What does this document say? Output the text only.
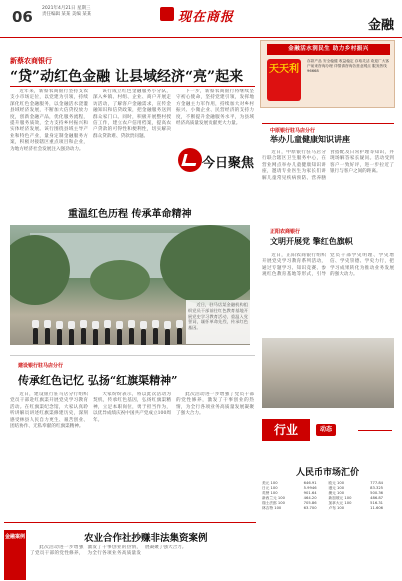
06 2021年4月21日 星期三
责任编辑 某某 美编 某某	现在商报
金融
新蔡农商银行
“贷”动红色金融 让县域经济“亮”起来

近年来，新蔡农商银行坚持支农支小市场定位，以党建为引领，持续深化红色金融服务，以金融活水浇灌县域经济发展，不断加大信贷投放力度，创新金融产品，优化服务流程，提升服务质效，全力支持乡村振兴和实体经济发展。该行围绕县域主导产业和特色产业，量身定制金融服务方案，积极对接辖区重点项目和企业，为地方经济社会发展注入强劲动力。

该行成立红色金融服务小分队，深入乡镇、村组、企业、商户开展走访活动，了解客户金融需求，宣传金融知识和信贷政策，把金融服务送到群众家门口。同时，积极开展整村授信工作，建立农户信用档案，提高农户贷款的可得性和便利性，切实解决群众贷款难、贷款贵问题。

下一步，新蔡农商银行将继续坚守初心使命，坚持党建引领，发挥地方金融主力军作用，持续加大对乡村振兴、小微企业、民营经济的支持力度，不断提升金融服务水平，为县域经济高质量发展贡献更大力量。

今日聚焦
金融活水润民生 助力乡村振兴
天天利
存款产品 安全稳健 收益稳定 存取灵活 欢迎广大客户前来咨询办理 详情请咨询各营业网点 服务热线 96668
中原银行驻马店分行
举办儿童健康知识讲座

近日，中原银行驻马店分行联合辖区卫生服务中心，在营业网点举办儿童健康知识讲座，邀请专业医生为家长们讲解儿童常见疾病预防、营养膳食搭配及日常护理等知识，并现场解答家长疑问。活动受到客户一致好评，进一步拉近了银行与客户之间的距离。

重温红色历程 传承革命精神

近日，驻马店某金融机构组织党员干部前往红色教育基地开展党史学习教育活动，重温入党誓词，缅怀革命先烈，传承红色基因。

正阳农商银行
文明开展党 擎红色旗帜

近日，正阳农商银行组织开展党史学习教育系列活动，通过专题学习、知识竞赛、参观红色教育基地等形式，引导党员干部学史明理、学史增信、学史崇德、学史力行，把学习成果转化为推动业务发展的强大动力。

建设银行驻马店分行
传承红色记忆 弘扬“红旗渠精神”

近日，建设银行驻马店分行组织党员干部赴红旗渠开展党史学习教育活动。在红旗渠纪念馆，大家认真聆听讲解员讲述红旗渠修建历史，深刻感受林县人民自力更生、艰苦创业、团结协作、无私奉献的红旗渠精神。

大家纷纷表示，将以此次活动为契机，传承红色基因，弘扬红旗渠精神，立足本职岗位，勇于担当作为，以优异成绩庆祝中国共产党成立100周年。

此次活动进一步增强了党员干部的党性修养，激发了干事创业的热情，为全行各项业务高质量发展凝聚了强大合力。

行业	动态
人民币市场汇价
美元 100	646.91	欧元 100	777.84
日元 100	5.9946	港元 100	83.325
英镑 100	901.64	澳元 100	500.36
新西兰元 100	464.20	新加坡元 100	486.87
瑞士法郎 100	705.86	加拿大元 100	516.31
林吉特 100	63.700	卢布 100	11.606
金融案例	农业合作社抄赚非法集资案例

此次活动进一步增强了党员干部的党性修养，激发了干事创业的热情，为全行各项业务高质量发展凝聚了强大合力。
